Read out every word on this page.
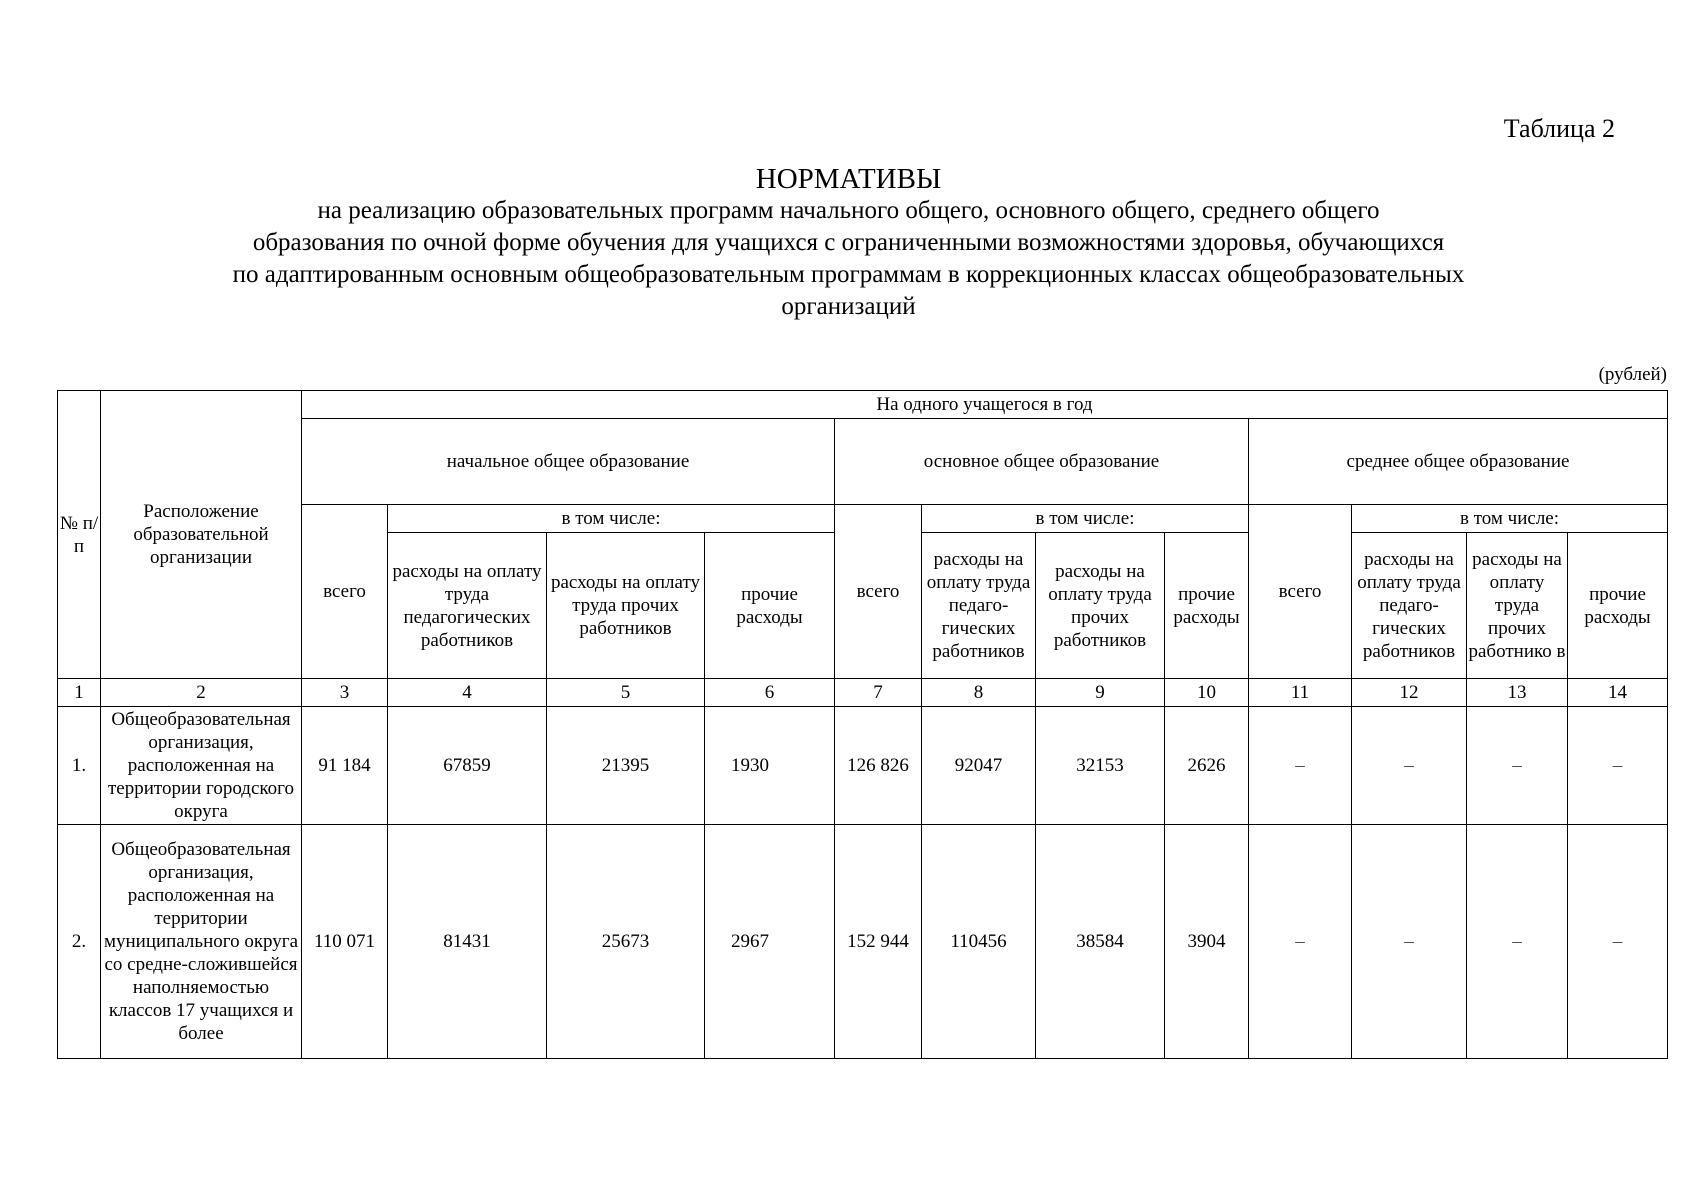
Таблица 2
НОРМАТИВЫ
на реализацию образовательных программ начального общего, основного общего, среднего общего
образования по очной форме обучения для учащихся с ограниченными возможностями здоровья, обучающихся
по адаптированным основным общеобразовательным программам в коррекционных классах общеобразовательных
организаций
(рублей)
№ п/п	Расположение образовательной организации	На одного учащегося в год											
		начальное общее образование				основное общее образование				среднее общее образование			
		всего	в том числе:			всего	в том числе:			всего	в том числе:		
			расходы на оплату труда педагогических работников	расходы на оплату труда прочих работников	прочие расходы		расходы на оплату труда педаго-гических работников	расходы на оплату труда прочих работников	прочие расходы		расходы на оплату труда педаго-гических работников	расходы на оплату труда прочих работнико в	прочие расходы

1	2	3	4	5	6	7	8	9	10	11	12	13	14
1.	Общеобразовательная организация, расположенная на территории городского округа	91 184	67859	21395	1930	126 826	92047	32153	2626	–	–	–	–
2.	Общеобразовательная организация, расположенная на территории муниципального округа со средне-сложившейся наполняемостью классов 17 учащихся и более	110 071	81431	25673	2967	152 944	110456	38584	3904	–	–	–	–
